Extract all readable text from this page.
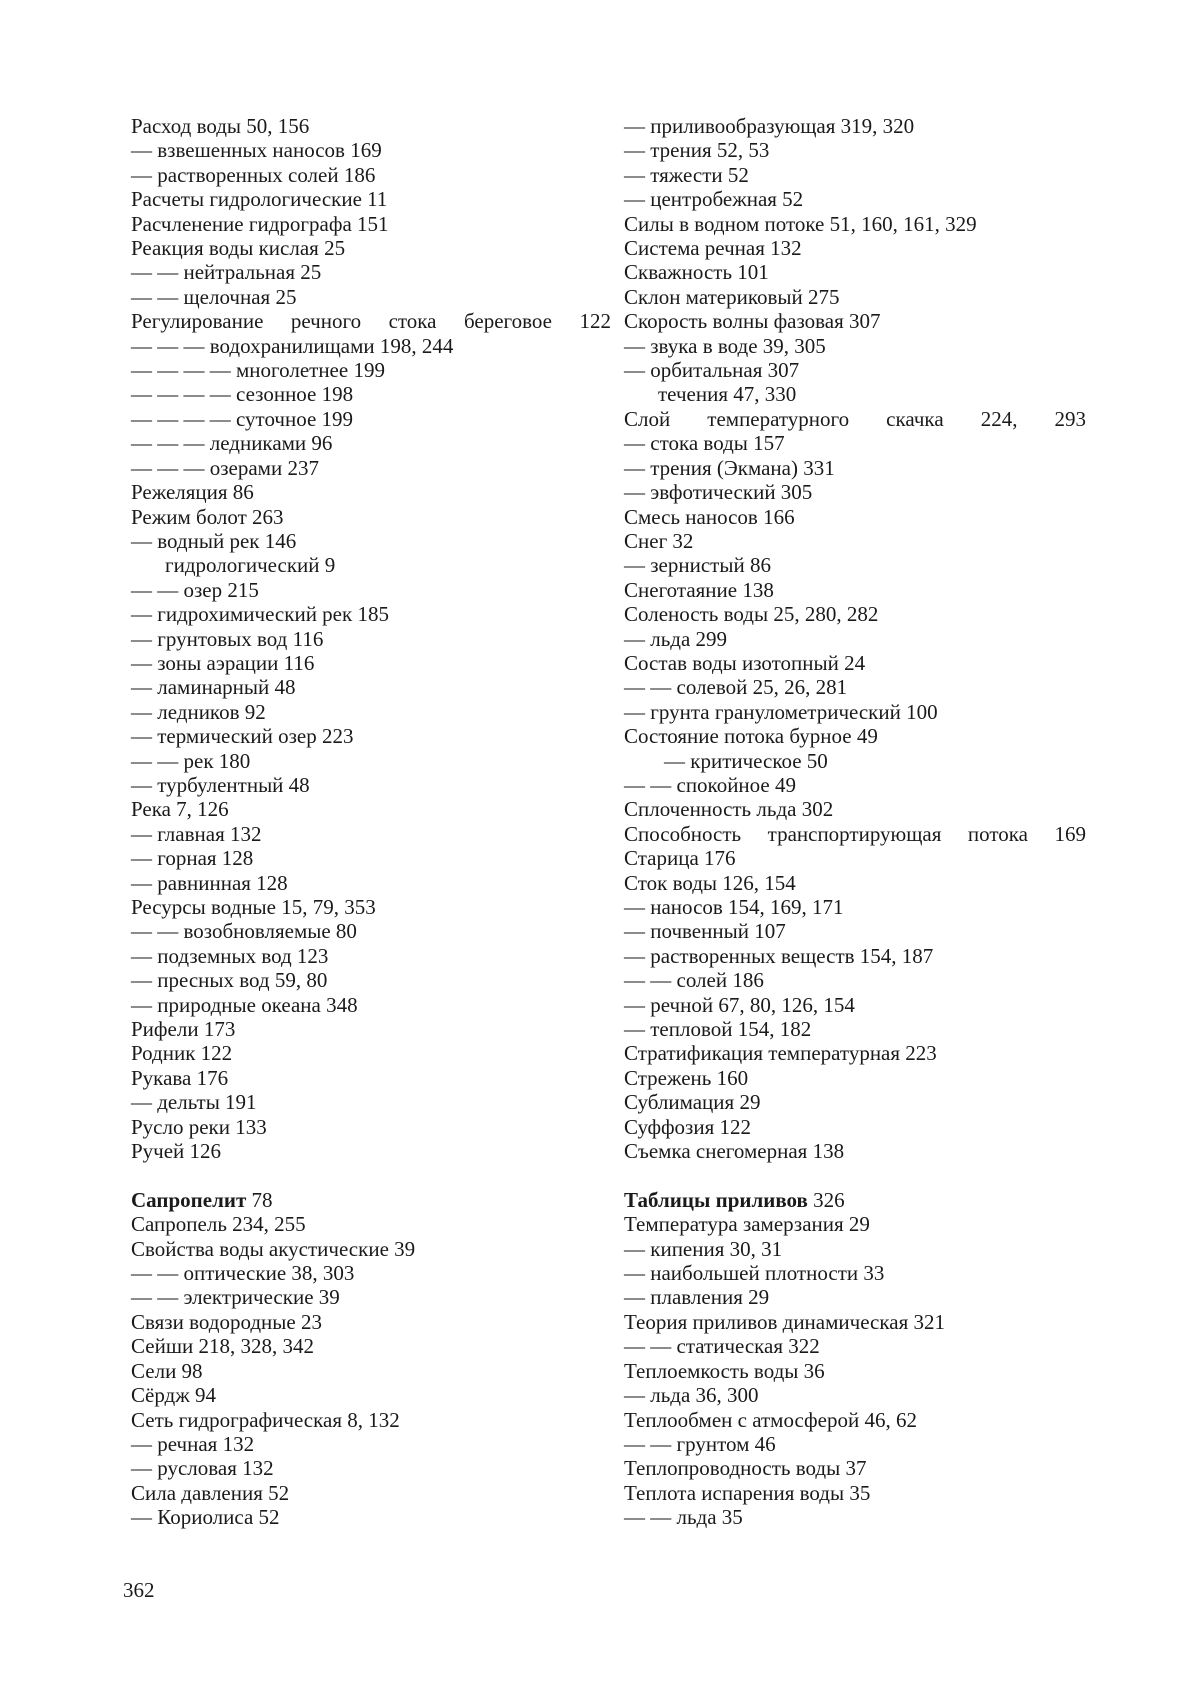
Расход воды 50, 156
— взвешенных наносов 169
— растворенных солей 186
Расчеты гидрологические 11
Расчленение гидрографа 151
Реакция воды кислая 25
— — нейтральная 25
— — щелочная 25
Регулирование речного стока береговое 122
— — — водохранилищами 198, 244
— — — — многолетнее 199
— — — — сезонное 198
— — — — суточное 199
— — — ледниками 96
— — — озерами 237
Режеляция 86
Режим болот 263
— водный рек 146
гидрологический 9
— — озер 215
— гидрохимический рек 185
— грунтовых вод 116
— зоны аэрации 116
— ламинарный 48
— ледников 92
— термический озер 223
— — рек 180
— турбулентный 48
Река 7, 126
— главная 132
— горная 128
— равнинная 128
Ресурсы водные 15, 79, 353
— — возобновляемые 80
— подземных вод 123
— пресных вод 59, 80
— природные океана 348
Рифели 173
Родник 122
Рукава 176
— дельты 191
Русло реки 133
Ручей 126
Сапропелит 78
Сапропель 234, 255
Свойства воды акустические 39
— — оптические 38, 303
— — электрические 39
Связи водородные 23
Сейши 218, 328, 342
Сели 98
Сёрдж 94
Сеть гидрографическая 8, 132
— речная 132
— русловая 132
Сила давления 52
— Кориолиса 52
— приливообразующая 319, 320
— трения 52, 53
— тяжести 52
— центробежная 52
Силы в водном потоке 51, 160, 161, 329
Система речная 132
Скважность 101
Склон материковый 275
Скорость волны фазовая 307
— звука в воде 39, 305
— орбитальная 307
течения 47, 330
Слой температурного скачка 224, 293
— стока воды 157
— трения (Экмана) 331
— эвфотический 305
Смесь наносов 166
Снег 32
— зернистый 86
Снеготаяние 138
Соленость воды 25, 280, 282
— льда 299
Состав воды изотопный 24
— — солевой 25, 26, 281
— грунта гранулометрический 100
Состояние потока бурное 49
— критическое 50
— — спокойное 49
Сплоченность льда 302
Способность транспортирующая потока 169
Старица 176
Сток воды 126, 154
— наносов 154, 169, 171
— почвенный 107
— растворенных веществ 154, 187
— — солей 186
— речной 67, 80, 126, 154
— тепловой 154, 182
Стратификация температурная 223
Стрежень 160
Сублимация 29
Суффозия 122
Съемка снегомерная 138
Таблицы приливов 326
Температура замерзания 29
— кипения 30, 31
— наибольшей плотности 33
— плавления 29
Теория приливов динамическая 321
— — статическая 322
Теплоемкость воды 36
— льда 36, 300
Теплообмен с атмосферой 46, 62
— — грунтом 46
Теплопроводность воды 37
Теплота испарения воды 35
— — льда 35
362
